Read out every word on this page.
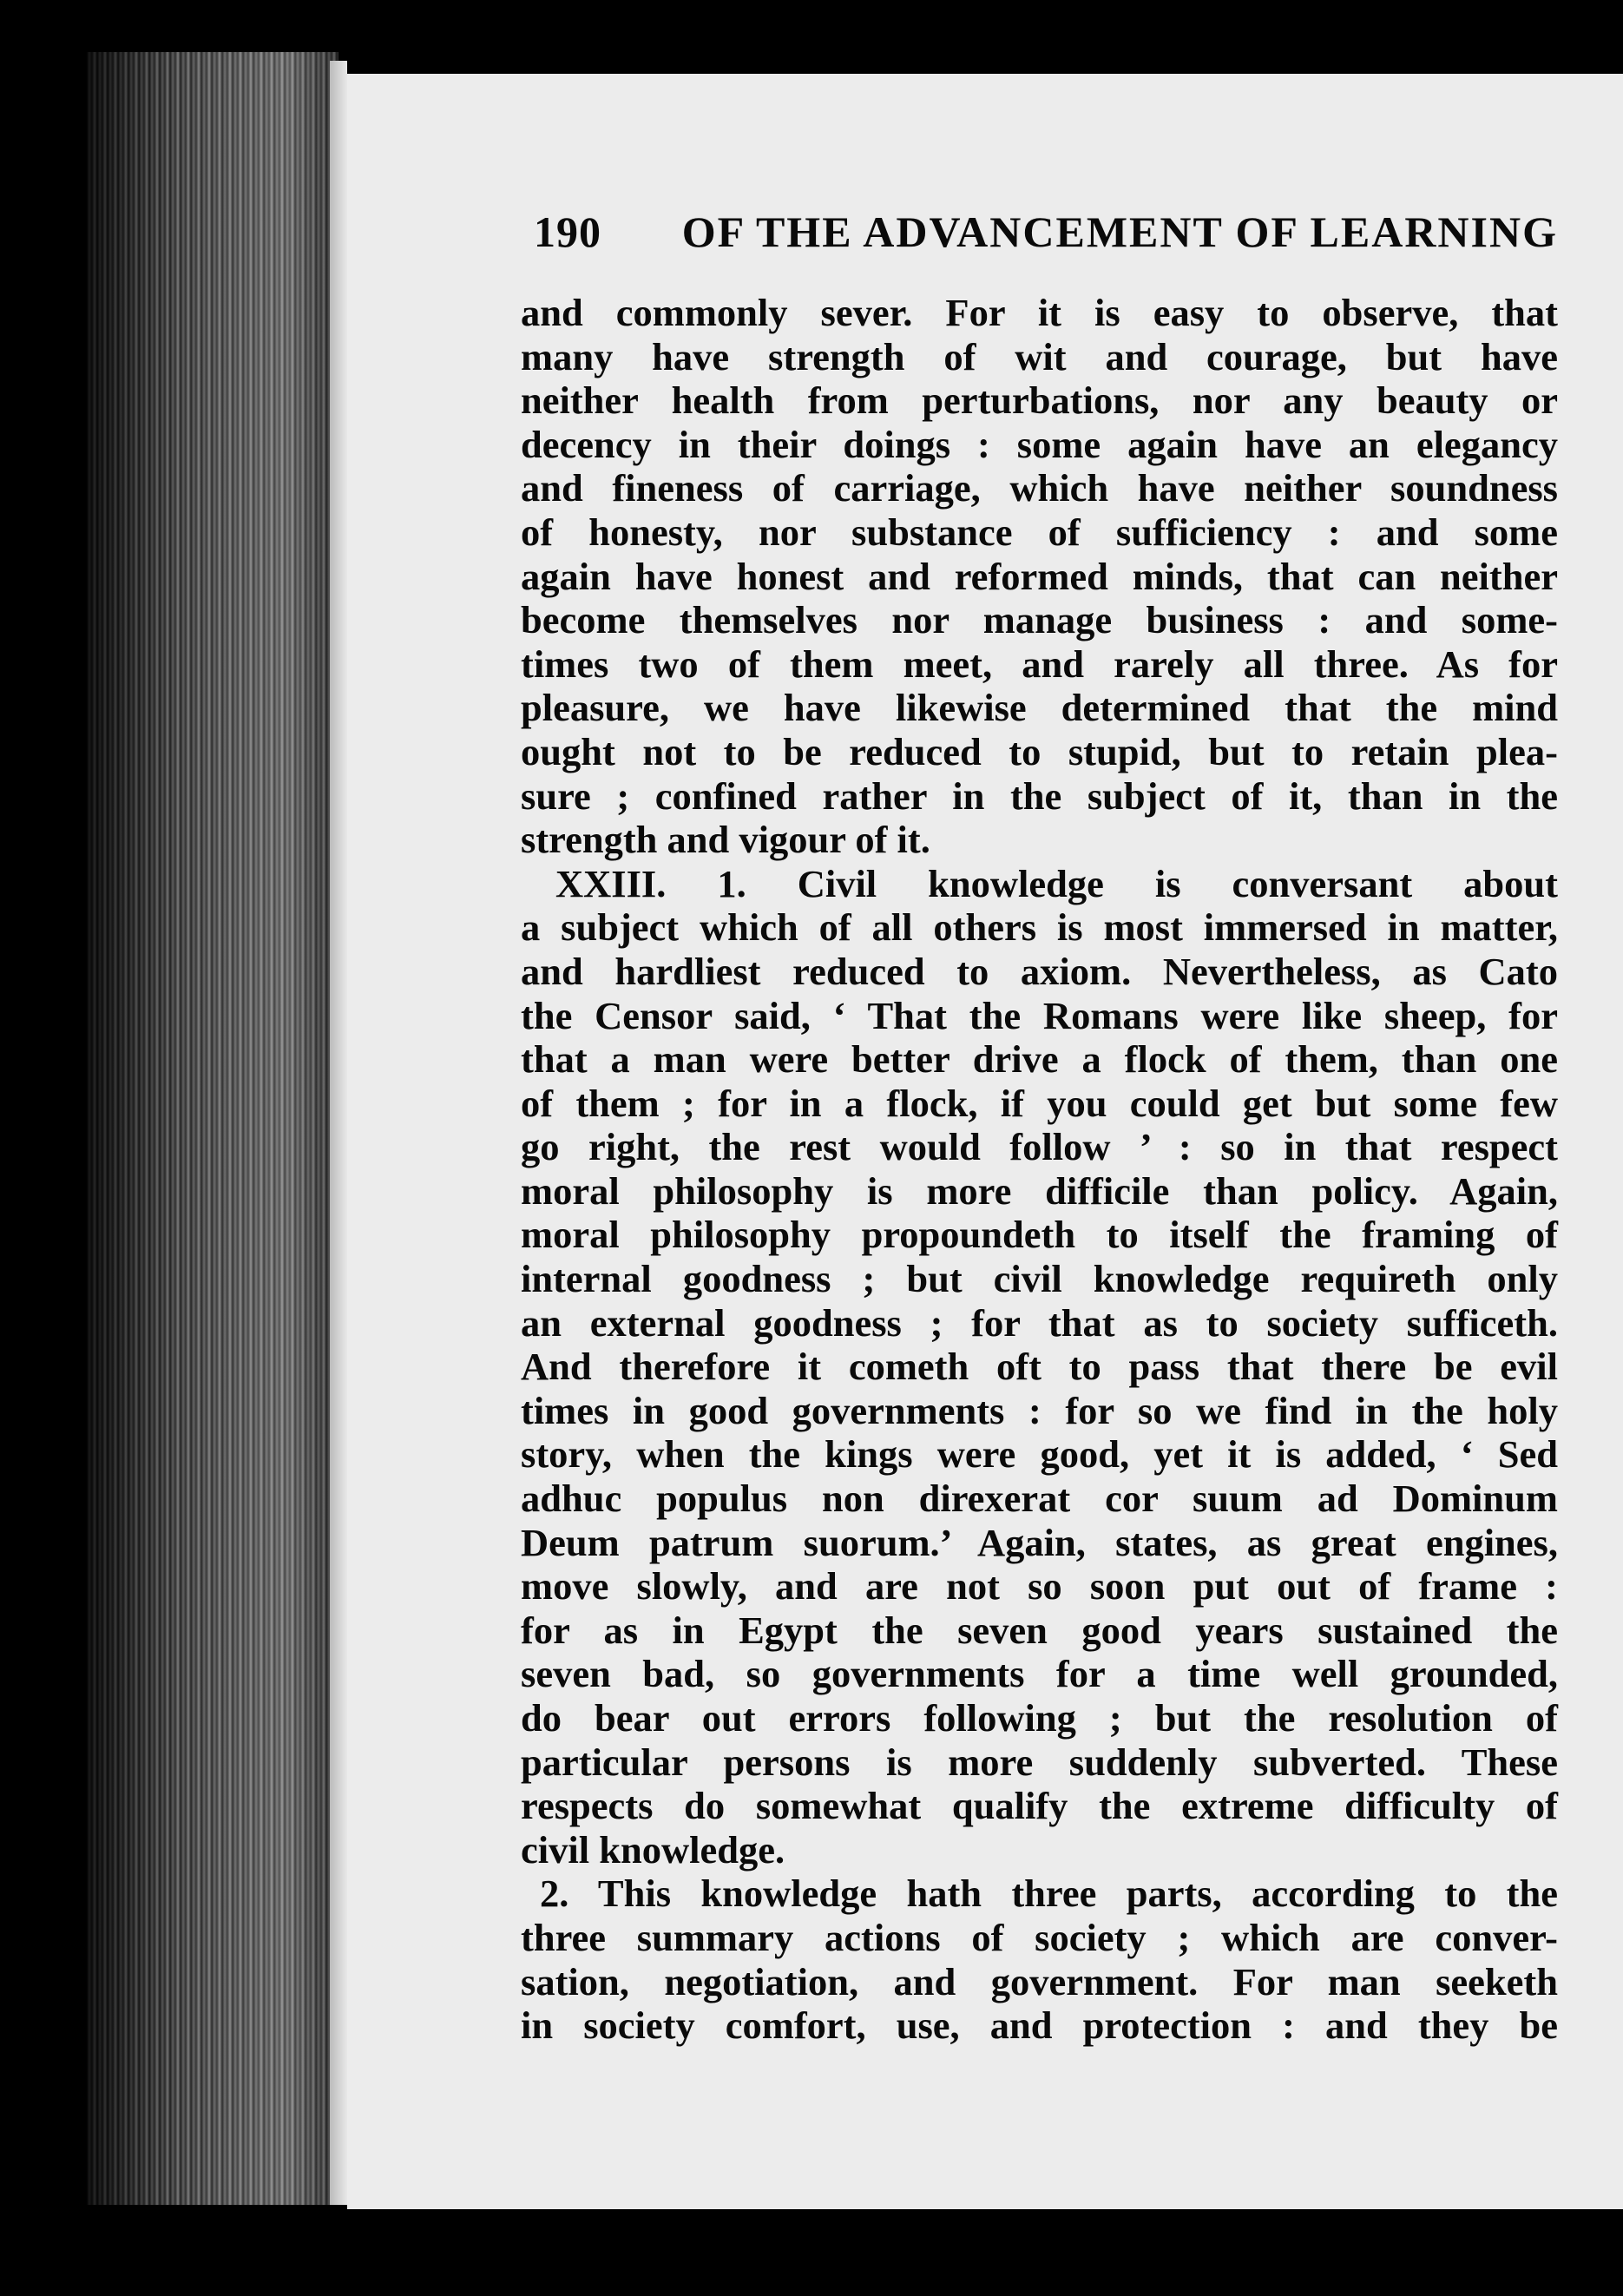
190 OF THE ADVANCEMENT OF LEARNING
and commonly sever. For it is easy to observe, that
many have strength of wit and courage, but have
neither health from perturbations, nor any beauty or
decency in their doings : some again have an elegancy
and fineness of carriage, which have neither soundness
of honesty, nor substance of sufficiency : and some
again have honest and reformed minds, that can neither
become themselves nor manage business : and some-
times two of them meet, and rarely all three. As for
pleasure, we have likewise determined that the mind
ought not to be reduced to stupid, but to retain plea-
sure ; confined rather in the subject of it, than in the
strength and vigour of it.
XXIII. 1. Civil knowledge is conversant about
a subject which of all others is most immersed in matter,
and hardliest reduced to axiom. Nevertheless, as Cato
the Censor said, ‘ That the Romans were like sheep, for
that a man were better drive a flock of them, than one
of them ; for in a flock, if you could get but some few
go right, the rest would follow ’ : so in that respect
moral philosophy is more difficile than policy. Again,
moral philosophy propoundeth to itself the framing of
internal goodness ; but civil knowledge requireth only
an external goodness ; for that as to society sufficeth.
And therefore it cometh oft to pass that there be evil
times in good governments : for so we find in the holy
story, when the kings were good, yet it is added, ‘ Sed
adhuc populus non direxerat cor suum ad Dominum
Deum patrum suorum.’ Again, states, as great engines,
move slowly, and are not so soon put out of frame :
for as in Egypt the seven good years sustained the
seven bad, so governments for a time well grounded,
do bear out errors following ; but the resolution of
particular persons is more suddenly subverted. These
respects do somewhat qualify the extreme difficulty of
civil knowledge.
2. This knowledge hath three parts, according to the
three summary actions of society ; which are conver-
sation, negotiation, and government. For man seeketh
in society comfort, use, and protection : and they be
